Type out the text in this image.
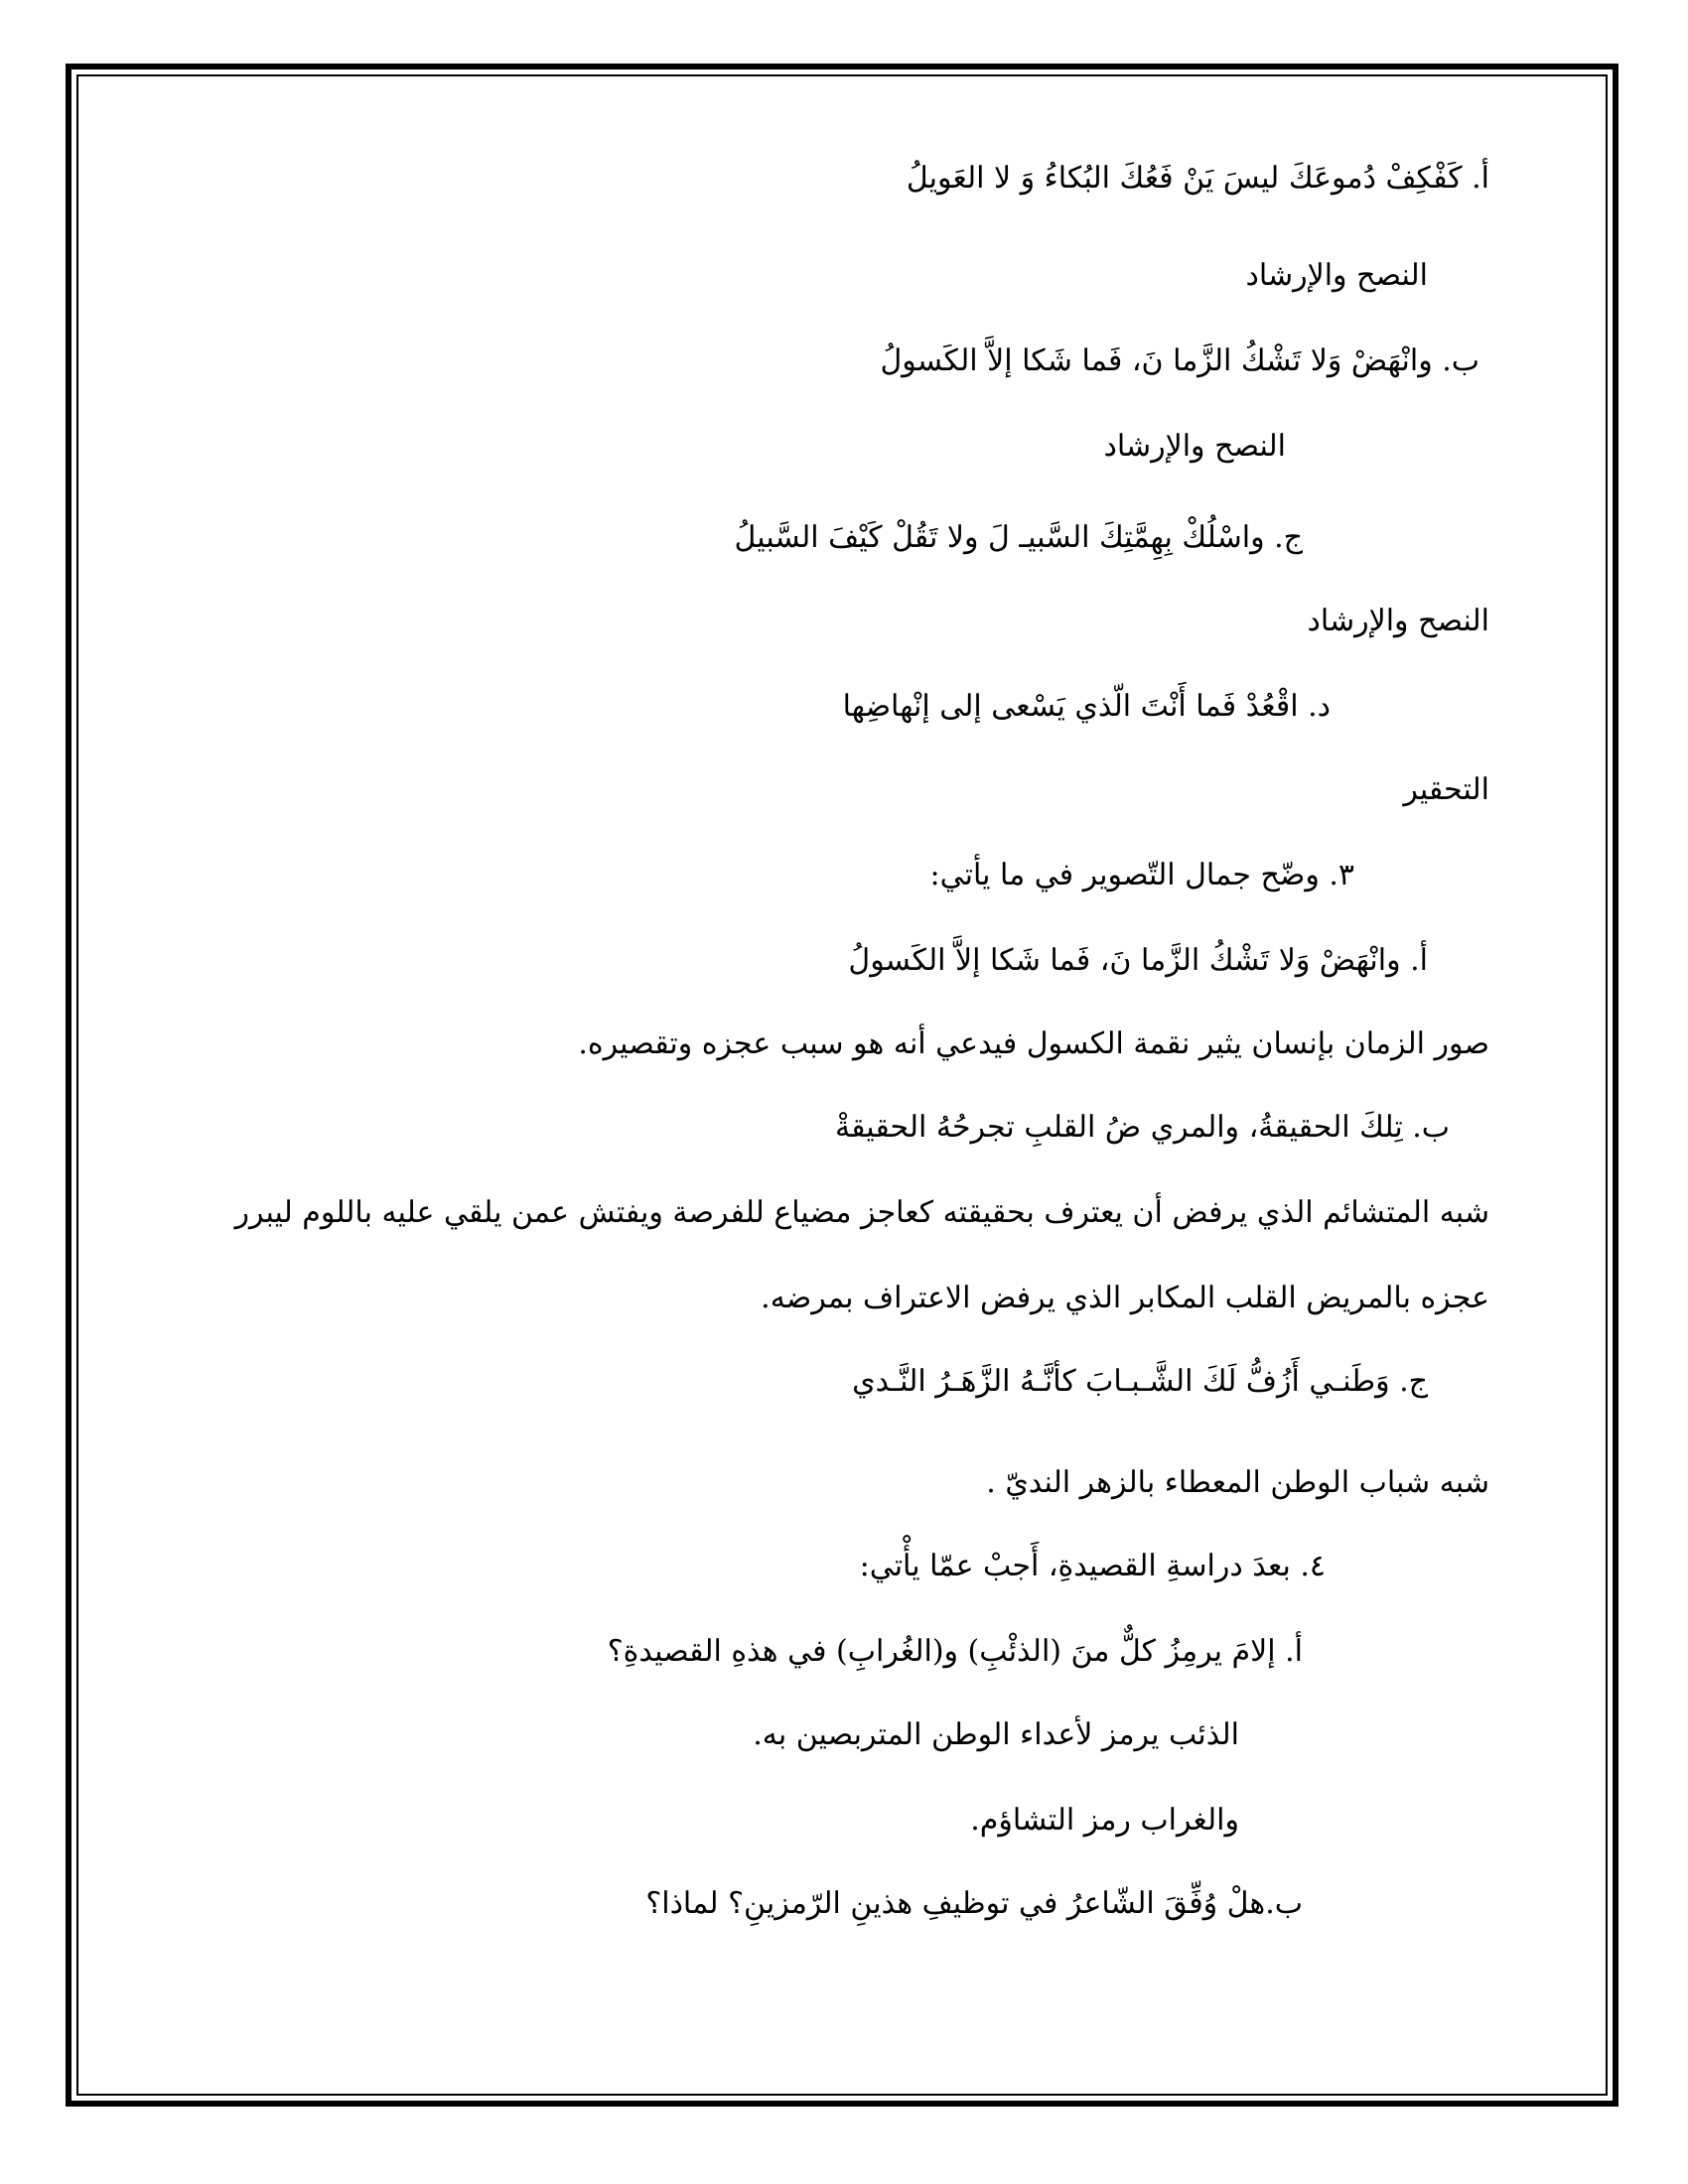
أ. كَفْكِفْ دُموعَكَ ليسَ يَنْ فَعُكَ البُكاءُ وَ لا العَويلُ
النصح والإرشاد
ب. وانْهَضْ وَلا تَشْكُ الزَّما نَ، فَما شَكا إلاَّ الكَسولُ
النصح والإرشاد
ج. واسْلُكْ بِهِمَّتِكَ السَّبيـ لَ ولا تَقُلْ كَيْفَ السَّبيلُ
النصح والإرشاد
د. اقْعُدْ فَما أَنْتَ الّذي يَسْعى إلى إنْهاضِها
التحقير
٣. وضّح جمال التّصوير في ما يأتي:
أ. وانْهَضْ وَلا تَشْكُ الزَّما نَ، فَما شَكا إلاَّ الكَسولُ
صور الزمان بإنسان يثير نقمة الكسول فيدعي أنه هو سبب عجزه وتقصيره.
ب. تِلكَ الحقيقةُ، والمري ضُ القلبِ تجرحُهُ الحقيقةْ
شبه المتشائم الذي يرفض أن يعترف بحقيقته كعاجز مضياع للفرصة ويفتش عمن يلقي عليه باللوم ليبرر
عجزه بالمريض القلب المكابر الذي يرفض الاعتراف بمرضه.
ج. وَطَنـي أَزُفُّ لَكَ الشَّـبـابَ كأنَّـهُ الزَّهَـرُ النَّـدي
شبه شباب الوطن المعطاء بالزهر النديّ .
٤. بعدَ دراسةِ القصيدةِ، أَجبْ عمّا يأْتي:
أ. إلامَ يرمِزُ كلٌّ منَ (الذئْبِ) و(الغُرابِ) في هذهِ القصيدةِ؟
الذئب يرمز لأعداء الوطن المتربصين به.
والغراب رمز التشاؤم.
ب.هلْ وُفِّقَ الشّاعرُ في توظيفِ هذينِ الرّمزينِ؟ لماذا؟
